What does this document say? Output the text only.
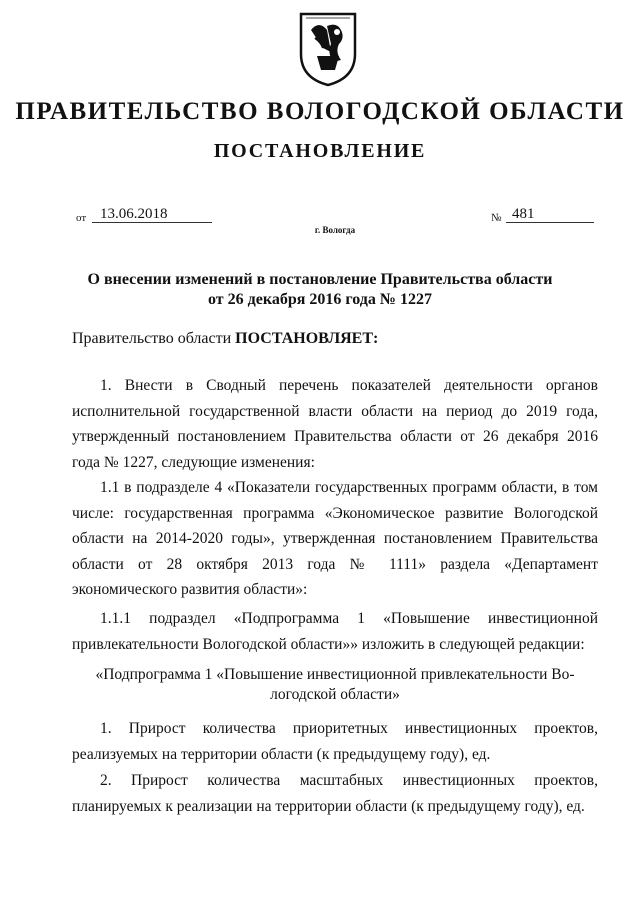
ПРАВИТЕЛЬСТВО ВОЛОГОДСКОЙ ОБЛАСТИ
ПОСТАНОВЛЕНИЕ
от 13.06.2018	№ 481
г. Вологда
О внесении изменений в постановление Правительства области
от 26 декабря 2016 года № 1227
Правительство области ПОСТАНОВЛЯЕТ:
1. Внести в Сводный перечень показателей деятельности органов исполнительной государственной власти области на период до 2019 года, утвержденный постановлением Правительства области от 26 декабря 2016 года № 1227, следующие изменения:
1.1 в подразделе 4 «Показатели государственных программ области, в том числе: государственная программа «Экономическое развитие Вологодской области на 2014-2020 годы», утвержденная постановлением Правительства области от 28 октября 2013 года № 1111» раздела «Департамент экономического развития области»:
1.1.1 подраздел «Подпрограмма 1 «Повышение инвестиционной привлекательности Вологодской области»» изложить в следующей редакции:
«Подпрограмма 1 «Повышение инвестиционной привлекательности Во-
логодской области»
1. Прирост количества приоритетных инвестиционных проектов, реализуемых на территории области (к предыдущему году), ед.
2. Прирост количества масштабных инвестиционных проектов, планируемых к реализации на территории области (к предыдущему году), ед.
